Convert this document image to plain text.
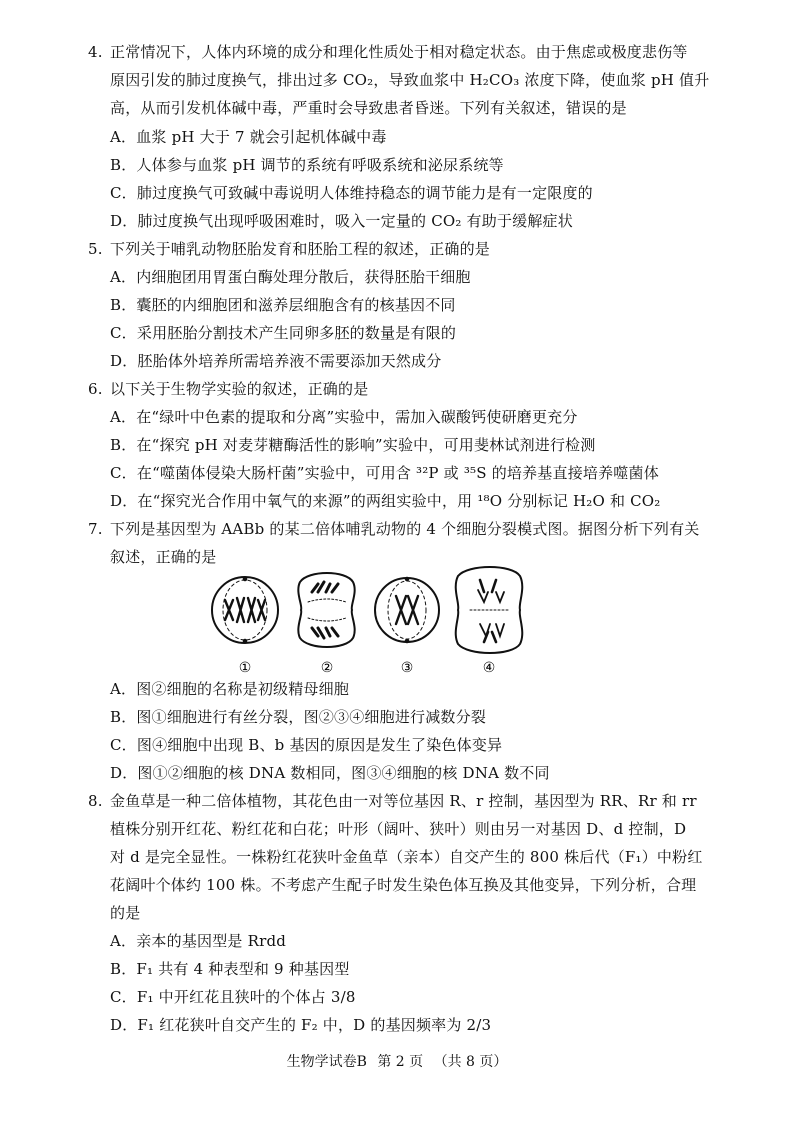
4. 正常情况下，人体内环境的成分和理化性质处于相对稳定状态。由于焦虑或极度悲伤等
原因引发的肺过度换气，排出过多 CO₂，导致血浆中 H₂CO₃ 浓度下降，使血浆 pH 值升
高，从而引发机体碱中毒，严重时会导致患者昏迷。下列有关叙述，错误的是
A．血浆 pH 大于 7 就会引起机体碱中毒
B．人体参与血浆 pH 调节的系统有呼吸系统和泌尿系统等
C．肺过度换气可致碱中毒说明人体维持稳态的调节能力是有一定限度的
D．肺过度换气出现呼吸困难时，吸入一定量的 CO₂ 有助于缓解症状
5. 下列关于哺乳动物胚胎发育和胚胎工程的叙述，正确的是
A．内细胞团用胃蛋白酶处理分散后，获得胚胎干细胞
B．囊胚的内细胞团和滋养层细胞含有的核基因不同
C．采用胚胎分割技术产生同卵多胚的数量是有限的
D．胚胎体外培养所需培养液不需要添加天然成分
6. 以下关于生物学实验的叙述，正确的是
A．在“绿叶中色素的提取和分离”实验中，需加入碳酸钙使研磨更充分
B．在“探究 pH 对麦芽糖酶活性的影响”实验中，可用斐林试剂进行检测
C．在“噬菌体侵染大肠杆菌”实验中，可用含 ³²P 或 ³⁵S 的培养基直接培养噬菌体
D．在“探究光合作用中氧气的来源”的两组实验中，用 ¹⁸O 分别标记 H₂O 和 CO₂
7. 下列是基因型为 AABb 的某二倍体哺乳动物的 4 个细胞分裂模式图。据图分析下列有关
叙述，正确的是
①	②	③	④
A．图②细胞的名称是初级精母细胞
B．图①细胞进行有丝分裂，图②③④细胞进行减数分裂
C．图④细胞中出现 B、b 基因的原因是发生了染色体变异
D．图①②细胞的核 DNA 数相同，图③④细胞的核 DNA 数不同
8. 金鱼草是一种二倍体植物，其花色由一对等位基因 R、r 控制，基因型为 RR、Rr 和 rr
植株分别开红花、粉红花和白花；叶形（阔叶、狭叶）则由另一对基因 D、d 控制，D
对 d 是完全显性。一株粉红花狭叶金鱼草（亲本）自交产生的 800 株后代（F₁）中粉红
花阔叶个体约 100 株。不考虑产生配子时发生染色体互换及其他变异，下列分析，合理
的是
A．亲本的基因型是 Rrdd
B．F₁ 共有 4 种表型和 9 种基因型
C．F₁ 中开红花且狭叶的个体占 3/8
D．F₁ 红花狭叶自交产生的 F₂ 中，D 的基因频率为 2/3
生物学试卷B 第 2 页 （共 8 页）
